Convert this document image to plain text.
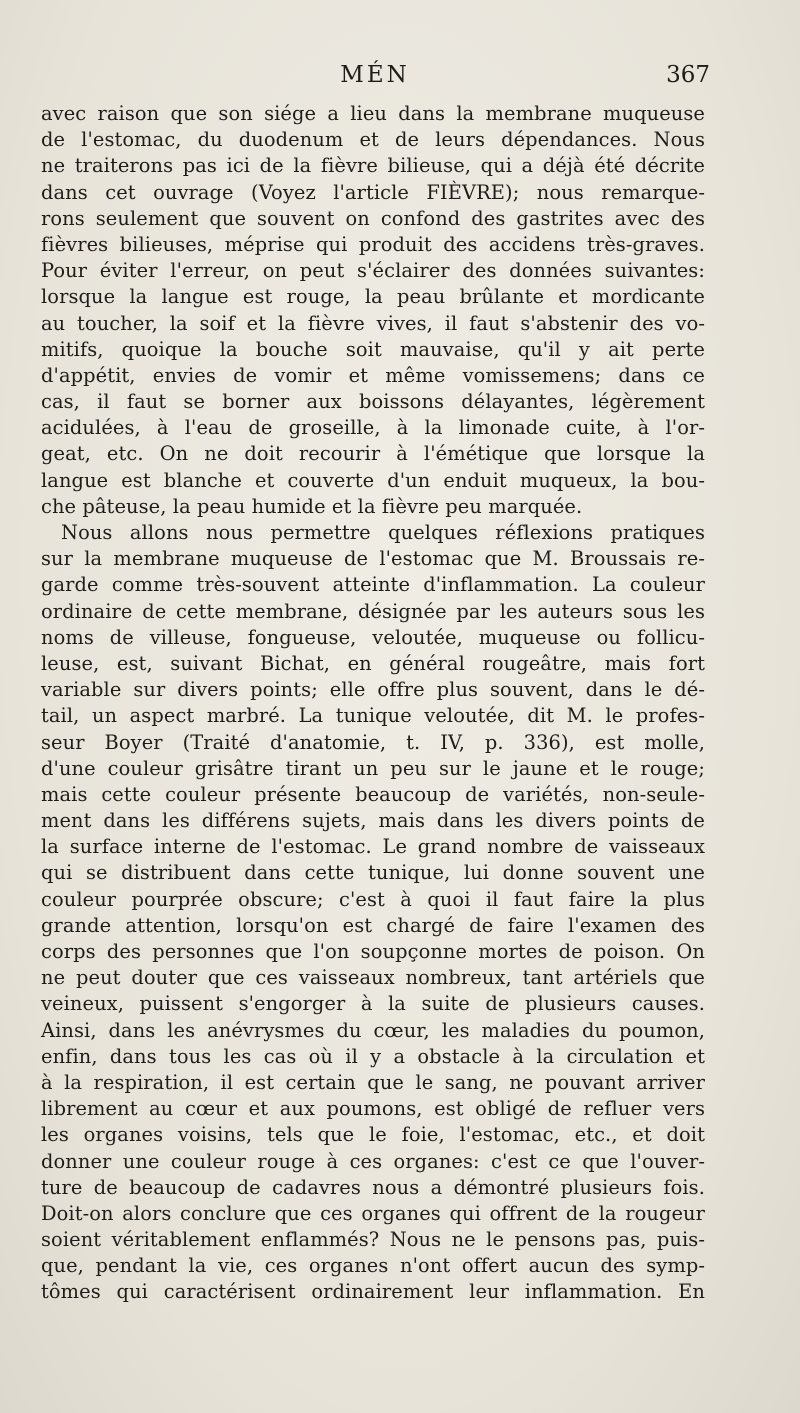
MÉN	367
avec raison que son siége a lieu dans la membrane muqueuse
de l'estomac, du duodenum et de leurs dépendances. Nous
ne traiterons pas ici de la fièvre bilieuse, qui a déjà été décrite
dans cet ouvrage (Voyez l'article FIÈVRE); nous remarque-
rons seulement que souvent on confond des gastrites avec des
fièvres bilieuses, méprise qui produit des accidens très-graves.
Pour éviter l'erreur, on peut s'éclairer des données suivantes:
lorsque la langue est rouge, la peau brûlante et mordicante
au toucher, la soif et la fièvre vives, il faut s'abstenir des vo-
mitifs, quoique la bouche soit mauvaise, qu'il y ait perte
d'appétit, envies de vomir et même vomissemens; dans ce
cas, il faut se borner aux boissons délayantes, légèrement
acidulées, à l'eau de groseille, à la limonade cuite, à l'or-
geat, etc. On ne doit recourir à l'émétique que lorsque la
langue est blanche et couverte d'un enduit muqueux, la bou-
che pâteuse, la peau humide et la fièvre peu marquée.
Nous allons nous permettre quelques réflexions pratiques
sur la membrane muqueuse de l'estomac que M. Broussais re-
garde comme très-souvent atteinte d'inflammation. La couleur
ordinaire de cette membrane, désignée par les auteurs sous les
noms de villeuse, fongueuse, veloutée, muqueuse ou follicu-
leuse, est, suivant Bichat, en général rougeâtre, mais fort
variable sur divers points; elle offre plus souvent, dans le dé-
tail, un aspect marbré. La tunique veloutée, dit M. le profes-
seur Boyer (Traité d'anatomie, t. IV, p. 336), est molle,
d'une couleur grisâtre tirant un peu sur le jaune et le rouge;
mais cette couleur présente beaucoup de variétés, non-seule-
ment dans les différens sujets, mais dans les divers points de
la surface interne de l'estomac. Le grand nombre de vaisseaux
qui se distribuent dans cette tunique, lui donne souvent une
couleur pourprée obscure; c'est à quoi il faut faire la plus
grande attention, lorsqu'on est chargé de faire l'examen des
corps des personnes que l'on soupçonne mortes de poison. On
ne peut douter que ces vaisseaux nombreux, tant artériels que
veineux, puissent s'engorger à la suite de plusieurs causes.
Ainsi, dans les anévrysmes du cœur, les maladies du poumon,
enfin, dans tous les cas où il y a obstacle à la circulation et
à la respiration, il est certain que le sang, ne pouvant arriver
librement au cœur et aux poumons, est obligé de refluer vers
les organes voisins, tels que le foie, l'estomac, etc., et doit
donner une couleur rouge à ces organes: c'est ce que l'ouver-
ture de beaucoup de cadavres nous a démontré plusieurs fois.
Doit-on alors conclure que ces organes qui offrent de la rougeur
soient véritablement enflammés? Nous ne le pensons pas, puis-
que, pendant la vie, ces organes n'ont offert aucun des symp-
tômes qui caractérisent ordinairement leur inflammation. En
